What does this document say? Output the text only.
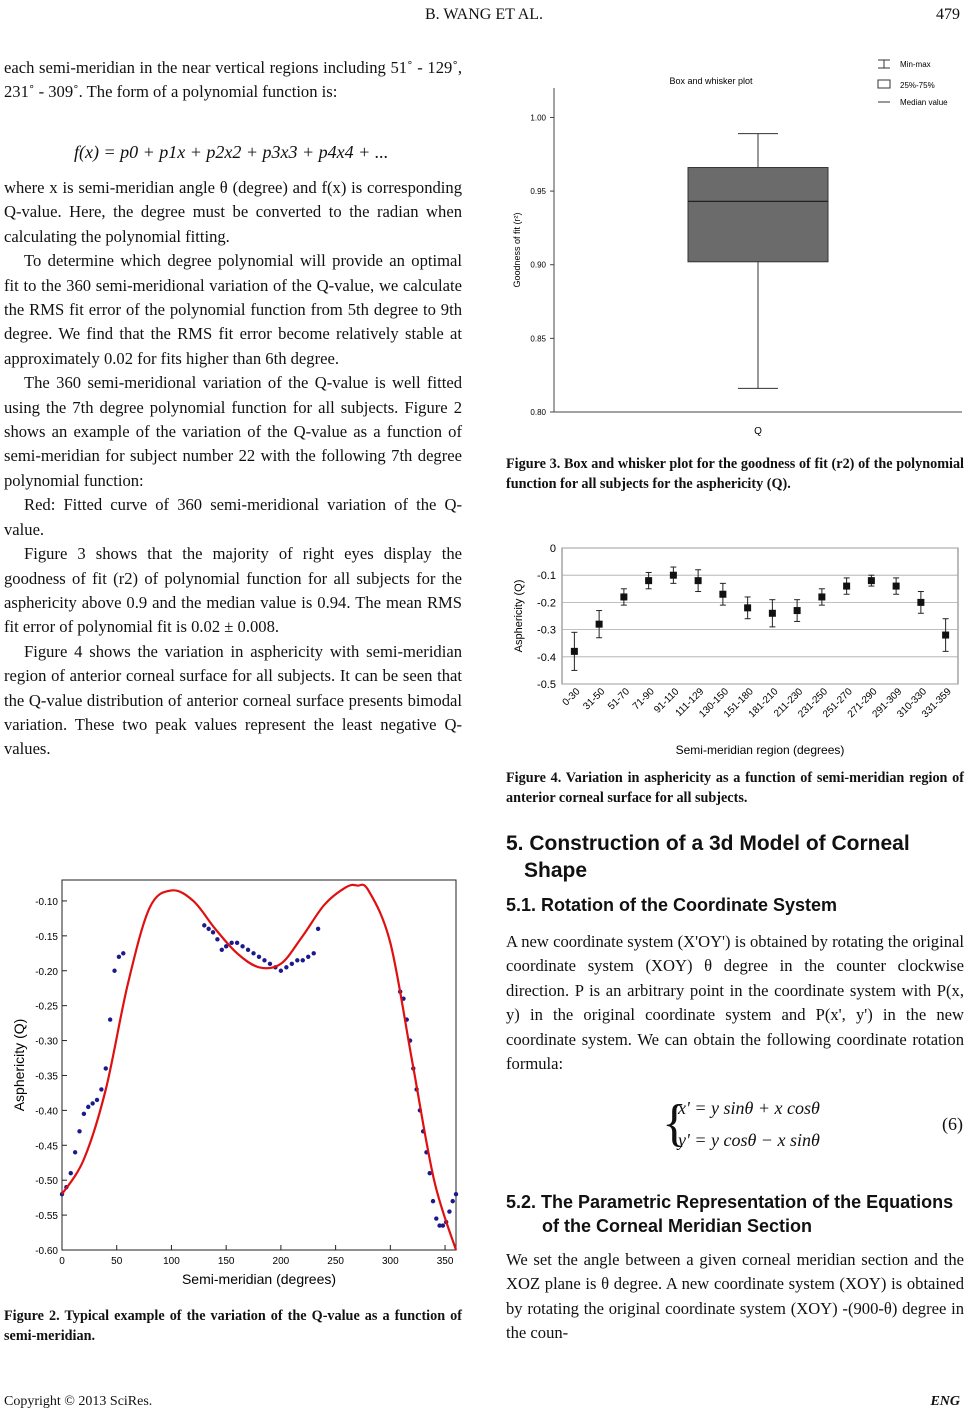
B. WANG ET AL.	479

each semi-meridian in the near vertical regions including 51˚ - 129˚, 231˚ - 309˚. The form of a polynomial function is:

f(x) = p0 + p1x + p2x2 + p3x3 + p4x4 + ...

where x is semi-meridian angle θ (degree) and f(x) is corresponding Q-value. Here, the degree must be converted to the radian when calculating the polynomial fitting.

To determine which degree polynomial will provide an optimal fit to the 360 semi-meridional variation of the Q-value, we calculate the RMS fit error of the polynomial function from 5th degree to 9th degree. We find that the RMS fit error become relatively stable at approximately 0.02 for fits higher than 6th degree.

The 360 semi-meridional variation of the Q-value is well fitted using the 7th degree polynomial function for all subjects. Figure 2 shows an example of the variation of the Q-value as a function of semi-meridian for subject number 22 with the following 7th degree polynomial function:

Red: Fitted curve of 360 semi-meridional variation of the Q-value.

Figure 3 shows that the majority of right eyes display the goodness of fit (r2) of polynomial function for all subjects for the asphericity above 0.9 and the median value is 0.94. The mean RMS fit error of polynomial fit is 0.02 ± 0.008.

Figure 4 shows the variation in asphericity with semi-meridian region of anterior corneal surface for all subjects. It can be seen that the Q-value distribution of anterior corneal surface presents bimodal variation. These two peak values represent the least negative Q-values.

-0.10
-0.15
-0.20
-0.25
-0.30
-0.35
-0.40
-0.45
-0.50
-0.55
-0.60
0	50	100	150	200	250	300	350
Semi-meridian (degrees)
Asphericity (Q)
Figure 2. Typical example of the variation of the Q-value as a function of semi-meridian.
Box and whisker plot
1.00
0.95
0.90
0.85
0.80
Goodness of fit (r²)
Q
Min-max
25%-75%
Median value
Figure 3. Box and whisker plot for the goodness of fit (r2) of the polynomial function for all subjects for the asphericity (Q).
0
-0.1
-0.2
-0.3
-0.4
-0.5
Asphericity (Q)
0-30
31-50
51-70
71-90
91-110
111-129
130-150
151-180
181-210
211-230
231-250
251-270
271-290
291-309
310-330
331-359
Semi-meridian region (degrees)
Figure 4. Variation in asphericity as a function of semi-meridian region of anterior corneal surface for all subjects.
5. Construction of a 3d Model of Corneal Shape
5.1. Rotation of the Coordinate System
A new coordinate system (X'OY') is obtained by rotating the original coordinate system (XOY) θ degree in the counter clockwise direction. P is an arbitrary point in the coordinate system with P(x, y) in the original coordinate system and P(x', y') in the new coordinate system. We can obtain the following coordinate rotation formula:
{
x' = y sinθ + x cosθ
y' = y cosθ − x sinθ
(6)
5.2. The Parametric Representation of the Equations of the Corneal Meridian Section
We set the angle between a given corneal meridian section and the XOZ plane is θ degree. A new coordinate system (XOY) is obtained by rotating the original coordinate system (XOY) -(900-θ) degree in the coun-
Copyright © 2013 SciRes.	ENG
